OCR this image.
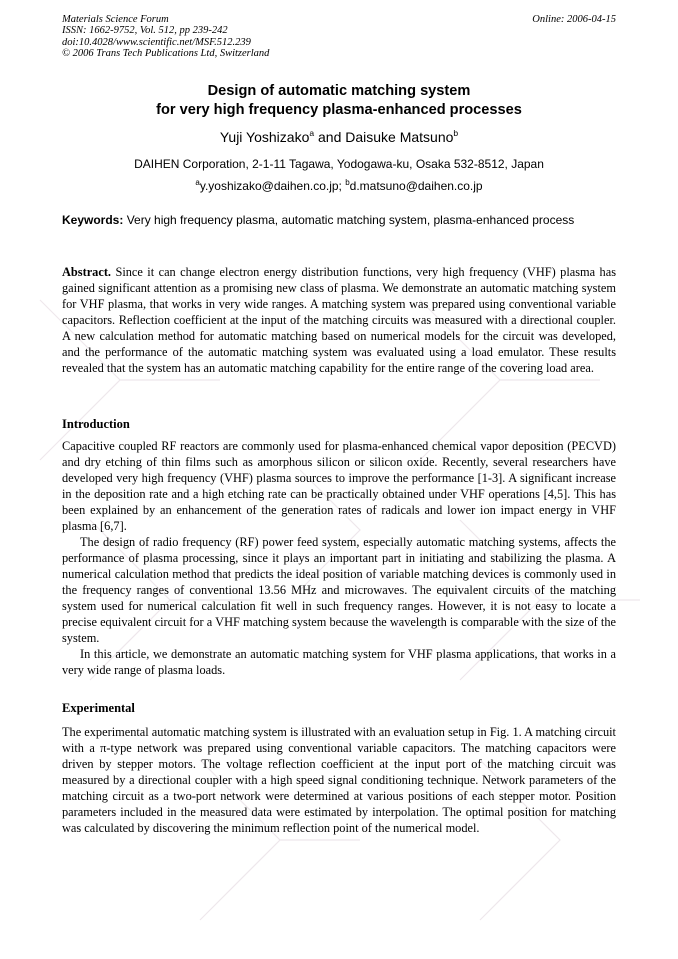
Materials Science Forum
ISSN: 1662-9752, Vol. 512, pp 239-242
doi:10.4028/www.scientific.net/MSF.512.239
© 2006 Trans Tech Publications Ltd, Switzerland
Online: 2006-04-15
Design of automatic matching system
for very high frequency plasma-enhanced processes
Yuji Yoshizako$^a$ and Daisuke Matsuno$^b$
DAIHEN Corporation, 2-1-11 Tagawa, Yodogawa-ku, Osaka 532-8512, Japan
$^a$y.yoshizako@daihen.co.jp; $^b$d.matsuno@daihen.co.jp
Keywords: Very high frequency plasma, automatic matching system, plasma-enhanced process

Abstract. Since it can change electron energy distribution functions, very high frequency (VHF) plasma has gained significant attention as a promising new class of plasma. We demonstrate an automatic matching system for VHF plasma, that works in very wide ranges. A matching system was prepared using conventional variable capacitors. Reflection coefficient at the input of the matching circuits was measured with a directional coupler. A new calculation method for automatic matching based on numerical models for the circuit was developed, and the performance of the automatic matching system was evaluated using a load emulator. These results revealed that the system has an automatic matching capability for the entire range of the covering load area.

Introduction

Capacitive coupled RF reactors are commonly used for plasma-enhanced chemical vapor deposition (PECVD) and dry etching of thin films such as amorphous silicon or silicon oxide. Recently, several researchers have developed very high frequency (VHF) plasma sources to improve the performance [1-3]. A significant increase in the deposition rate and a high etching rate can be practically obtained under VHF operations [4,5]. This has been explained by an enhancement of the generation rates of radicals and lower ion impact energy in VHF plasma [6,7].

The design of radio frequency (RF) power feed system, especially automatic matching systems, affects the performance of plasma processing, since it plays an important part in initiating and stabilizing the plasma. A numerical calculation method that predicts the ideal position of variable matching devices is commonly used in the frequency ranges of conventional 13.56 MHz and microwaves. The equivalent circuits of the matching system used for numerical calculation fit well in such frequency ranges. However, it is not easy to locate a precise equivalent circuit for a VHF matching system because the wavelength is comparable with the size of the system.

In this article, we demonstrate an automatic matching system for VHF plasma applications, that works in a very wide range of plasma loads.

Experimental

The experimental automatic matching system is illustrated with an evaluation setup in Fig. 1. A matching circuit with a π-type network was prepared using conventional variable capacitors. The matching capacitors were driven by stepper motors. The voltage reflection coefficient at the input port of the matching circuit was measured by a directional coupler with a high speed signal conditioning technique. Network parameters of the matching circuit as a two-port network were determined at various positions of each stepper motor. Position parameters included in the measured data were estimated by interpolation. The optimal position for matching was calculated by discovering the minimum reflection point of the numerical model.
